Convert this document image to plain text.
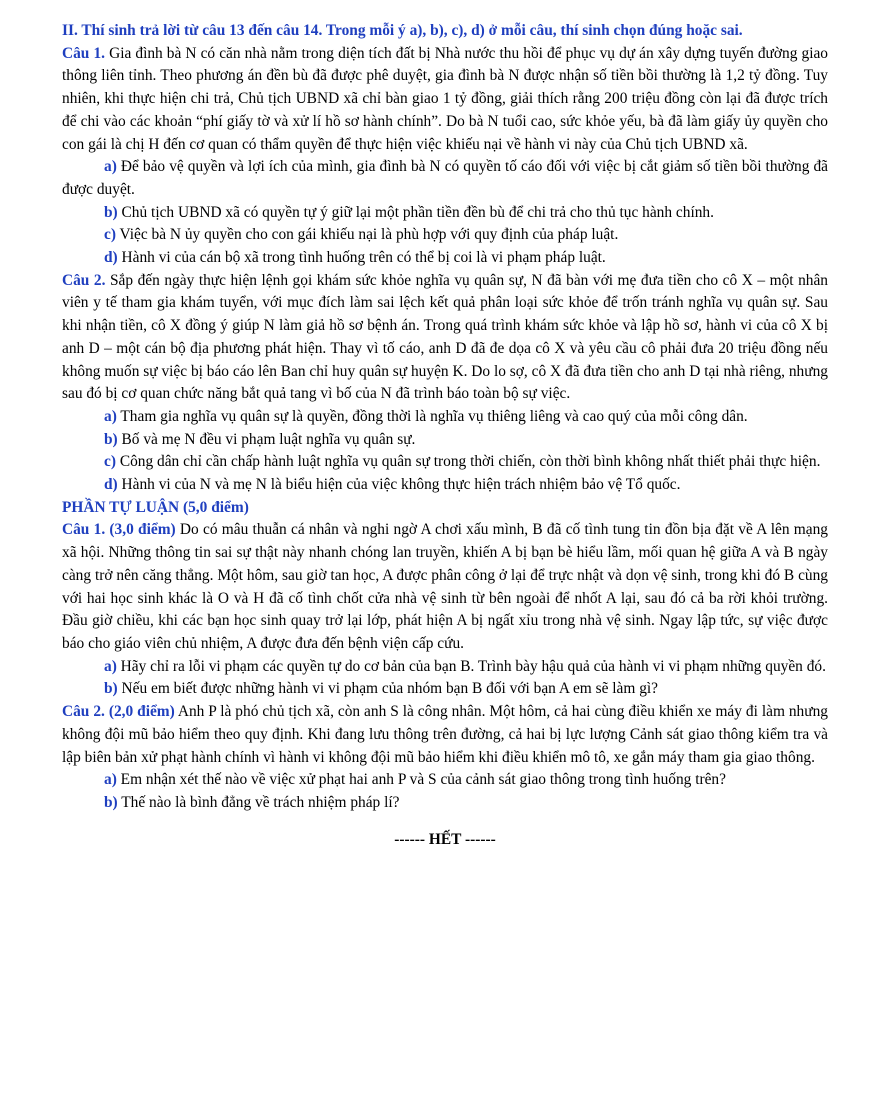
II. Thí sinh trả lời từ câu 13 đến câu 14. Trong mỗi ý a), b), c), d) ở mỗi câu, thí sinh chọn đúng hoặc sai.

Câu 1. Gia đình bà N có căn nhà nằm trong diện tích đất bị Nhà nước thu hồi để phục vụ dự án xây dựng tuyến đường giao thông liên tỉnh. Theo phương án đền bù đã được phê duyệt, gia đình bà N được nhận số tiền bồi thường là 1,2 tỷ đồng. Tuy nhiên, khi thực hiện chi trả, Chủ tịch UBND xã chỉ bàn giao 1 tỷ đồng, giải thích rằng 200 triệu đồng còn lại đã được trích để chi vào các khoản “phí giấy tờ và xử lí hồ sơ hành chính”. Do bà N tuổi cao, sức khỏe yếu, bà đã làm giấy ủy quyền cho con gái là chị H đến cơ quan có thẩm quyền để thực hiện việc khiếu nại về hành vi này của Chủ tịch UBND xã.

a) Để bảo vệ quyền và lợi ích của mình, gia đình bà N có quyền tố cáo đối với việc bị cắt giảm số tiền bồi thường đã được duyệt.

b) Chủ tịch UBND xã có quyền tự ý giữ lại một phần tiền đền bù để chi trả cho thủ tục hành chính.

c) Việc bà N ủy quyền cho con gái khiếu nại là phù hợp với quy định của pháp luật.

d) Hành vi của cán bộ xã trong tình huống trên có thể bị coi là vi phạm pháp luật.

Câu 2. Sắp đến ngày thực hiện lệnh gọi khám sức khỏe nghĩa vụ quân sự, N đã bàn với mẹ đưa tiền cho cô X – một nhân viên y tế tham gia khám tuyển, với mục đích làm sai lệch kết quả phân loại sức khỏe để trốn tránh nghĩa vụ quân sự. Sau khi nhận tiền, cô X đồng ý giúp N làm giả hồ sơ bệnh án. Trong quá trình khám sức khỏe và lập hồ sơ, hành vi của cô X bị anh D – một cán bộ địa phương phát hiện. Thay vì tố cáo, anh D đã đe dọa cô X và yêu cầu cô phải đưa 20 triệu đồng nếu không muốn sự việc bị báo cáo lên Ban chỉ huy quân sự huyện K. Do lo sợ, cô X đã đưa tiền cho anh D tại nhà riêng, nhưng sau đó bị cơ quan chức năng bắt quả tang vì bố của N đã trình báo toàn bộ sự việc.

a) Tham gia nghĩa vụ quân sự là quyền, đồng thời là nghĩa vụ thiêng liêng và cao quý của mỗi công dân.

b) Bố và mẹ N đều vi phạm luật nghĩa vụ quân sự.

c) Công dân chỉ cần chấp hành luật nghĩa vụ quân sự trong thời chiến, còn thời bình không nhất thiết phải thực hiện.

d) Hành vi của N và mẹ N là biểu hiện của việc không thực hiện trách nhiệm bảo vệ Tổ quốc.

PHẦN TỰ LUẬN (5,0 điểm)

Câu 1. (3,0 điểm) Do có mâu thuẫn cá nhân và nghi ngờ A chơi xấu mình, B đã cố tình tung tin đồn bịa đặt về A lên mạng xã hội. Những thông tin sai sự thật này nhanh chóng lan truyền, khiến A bị bạn bè hiểu lầm, mối quan hệ giữa A và B ngày càng trở nên căng thẳng. Một hôm, sau giờ tan học, A được phân công ở lại để trực nhật và dọn vệ sinh, trong khi đó B cùng với hai học sinh khác là O và H đã cố tình chốt cửa nhà vệ sinh từ bên ngoài để nhốt A lại, sau đó cả ba rời khỏi trường. Đầu giờ chiều, khi các bạn học sinh quay trở lại lớp, phát hiện A bị ngất xỉu trong nhà vệ sinh. Ngay lập tức, sự việc được báo cho giáo viên chủ nhiệm, A được đưa đến bệnh viện cấp cứu.

a) Hãy chỉ ra lỗi vi phạm các quyền tự do cơ bản của bạn B. Trình bày hậu quả của hành vi vi phạm những quyền đó.

b) Nếu em biết được những hành vi vi phạm của nhóm bạn B đối với bạn A em sẽ làm gì?

Câu 2. (2,0 điểm) Anh P là phó chủ tịch xã, còn anh S là công nhân. Một hôm, cả hai cùng điều khiển xe máy đi làm nhưng không đội mũ bảo hiểm theo quy định. Khi đang lưu thông trên đường, cả hai bị lực lượng Cảnh sát giao thông kiểm tra và lập biên bản xử phạt hành chính vì hành vi không đội mũ bảo hiểm khi điều khiển mô tô, xe gắn máy tham gia giao thông.

a) Em nhận xét thế nào về việc xử phạt hai anh P và S của cảnh sát giao thông trong tình huống trên?

b) Thế nào là bình đẳng về trách nhiệm pháp lí?

------ HẾT ------
